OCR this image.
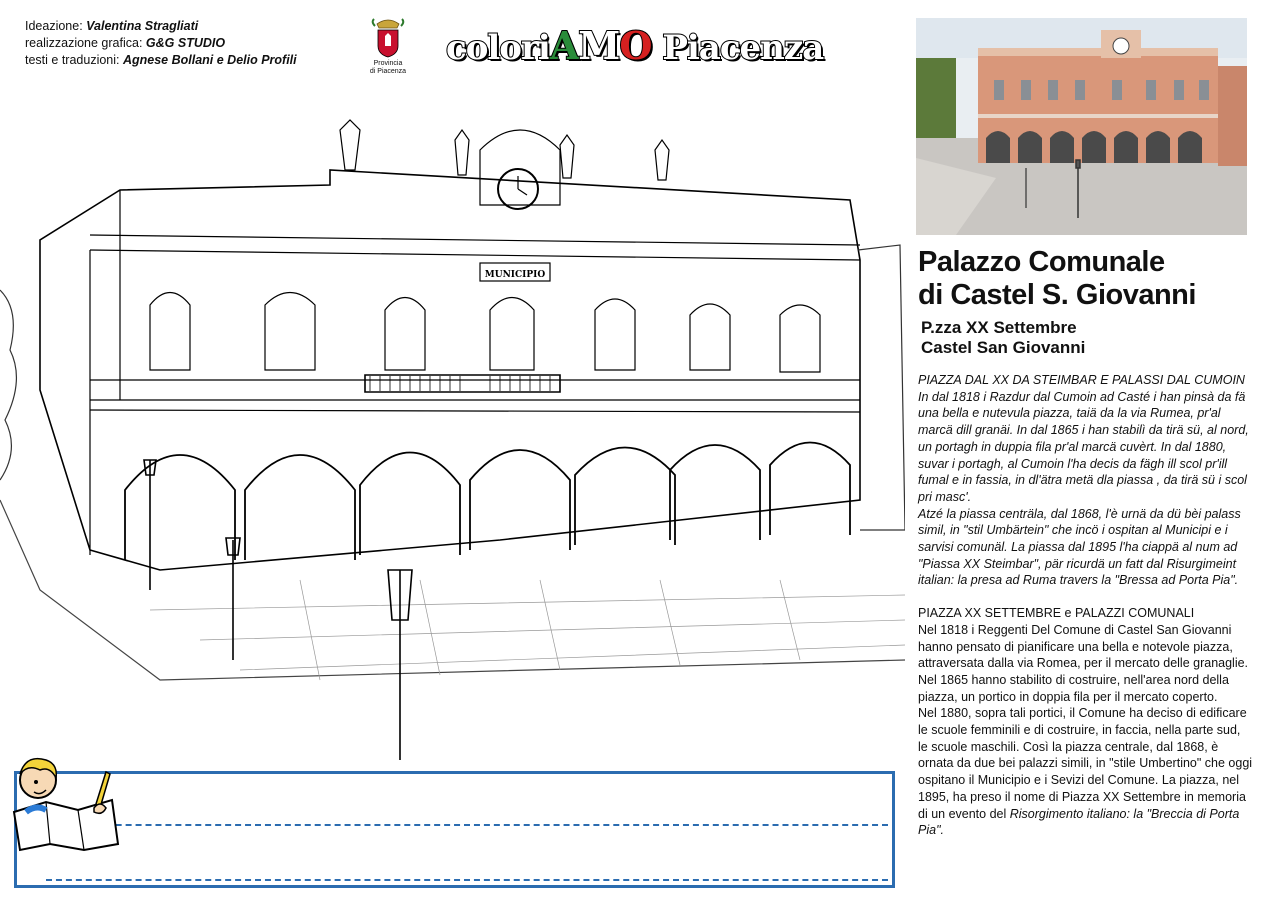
Ideazione: Valentina Stragliati
realizzazione grafica: G&G STUDIO
testi e traduzioni: Agnese Bollani e Delio Profili	Provincia
di Piacenza
coloriAMO Piacenza
MUNICIPIO	Palazzo Comunale
di Castel S. Giovanni
P.zza XX Settembre
Castel San Giovanni

PIAZZA DAL XX DA STEIMBAR E PALASSI DAL CUMOIN

In dal 1818 i Razdur dal Cumoin ad Casté i han pinsà da fä una bella e nutevula piazza, taiä da la via Rumea, pr'al marcä dill granäi. In dal 1865 i han stabilì da tirä sü, al nord, un portagh in duppia fila pr'al marcä cuvèrt. In dal 1880, suvar i portagh, al Cumoin l'ha decis da fägh ill scol pr'ill fumal e in fassia, in dl'ätra metä dla piassa , da tirä sü i scol pri masc'.

Atzé la piassa centräla, dal 1868, l'è urnä da dü bèi palass simil, in "stil Umbärtein" che incö i ospitan al Municipi e i sarvisi comunäl. La piassa dal 1895 l'ha ciappä al num ad "Piassa XX Steimbar", pär ricurdä un fatt dal Risurgimeint italian: la presa ad Ruma travers la "Bressa ad Porta Pia".

PIAZZA XX SETTEMBRE e PALAZZI COMUNALI

Nel 1818 i Reggenti Del Comune di Castel San Giovanni hanno pensato di pianificare una bella e notevole piazza, attraversata dalla via Romea, per il mercato delle granaglie.

Nel 1865 hanno stabilito di costruire, nell'area nord della piazza, un portico in doppia fila per il mercato coperto.

Nel 1880, sopra tali portici, il Comune ha deciso di edificare le scuole femminili e di costruire, in faccia, nella parte sud, le scuole maschili. Così la piazza centrale, dal 1868, è ornata da due bei palazzi simili, in "stile Umbertino" che oggi ospitano il Municipio e i Sevizi del Comune. La piazza, nel 1895, ha preso il nome di Piazza XX Settembre in memoria di un evento del Risorgimento italiano: la "Breccia di Porta Pia".
